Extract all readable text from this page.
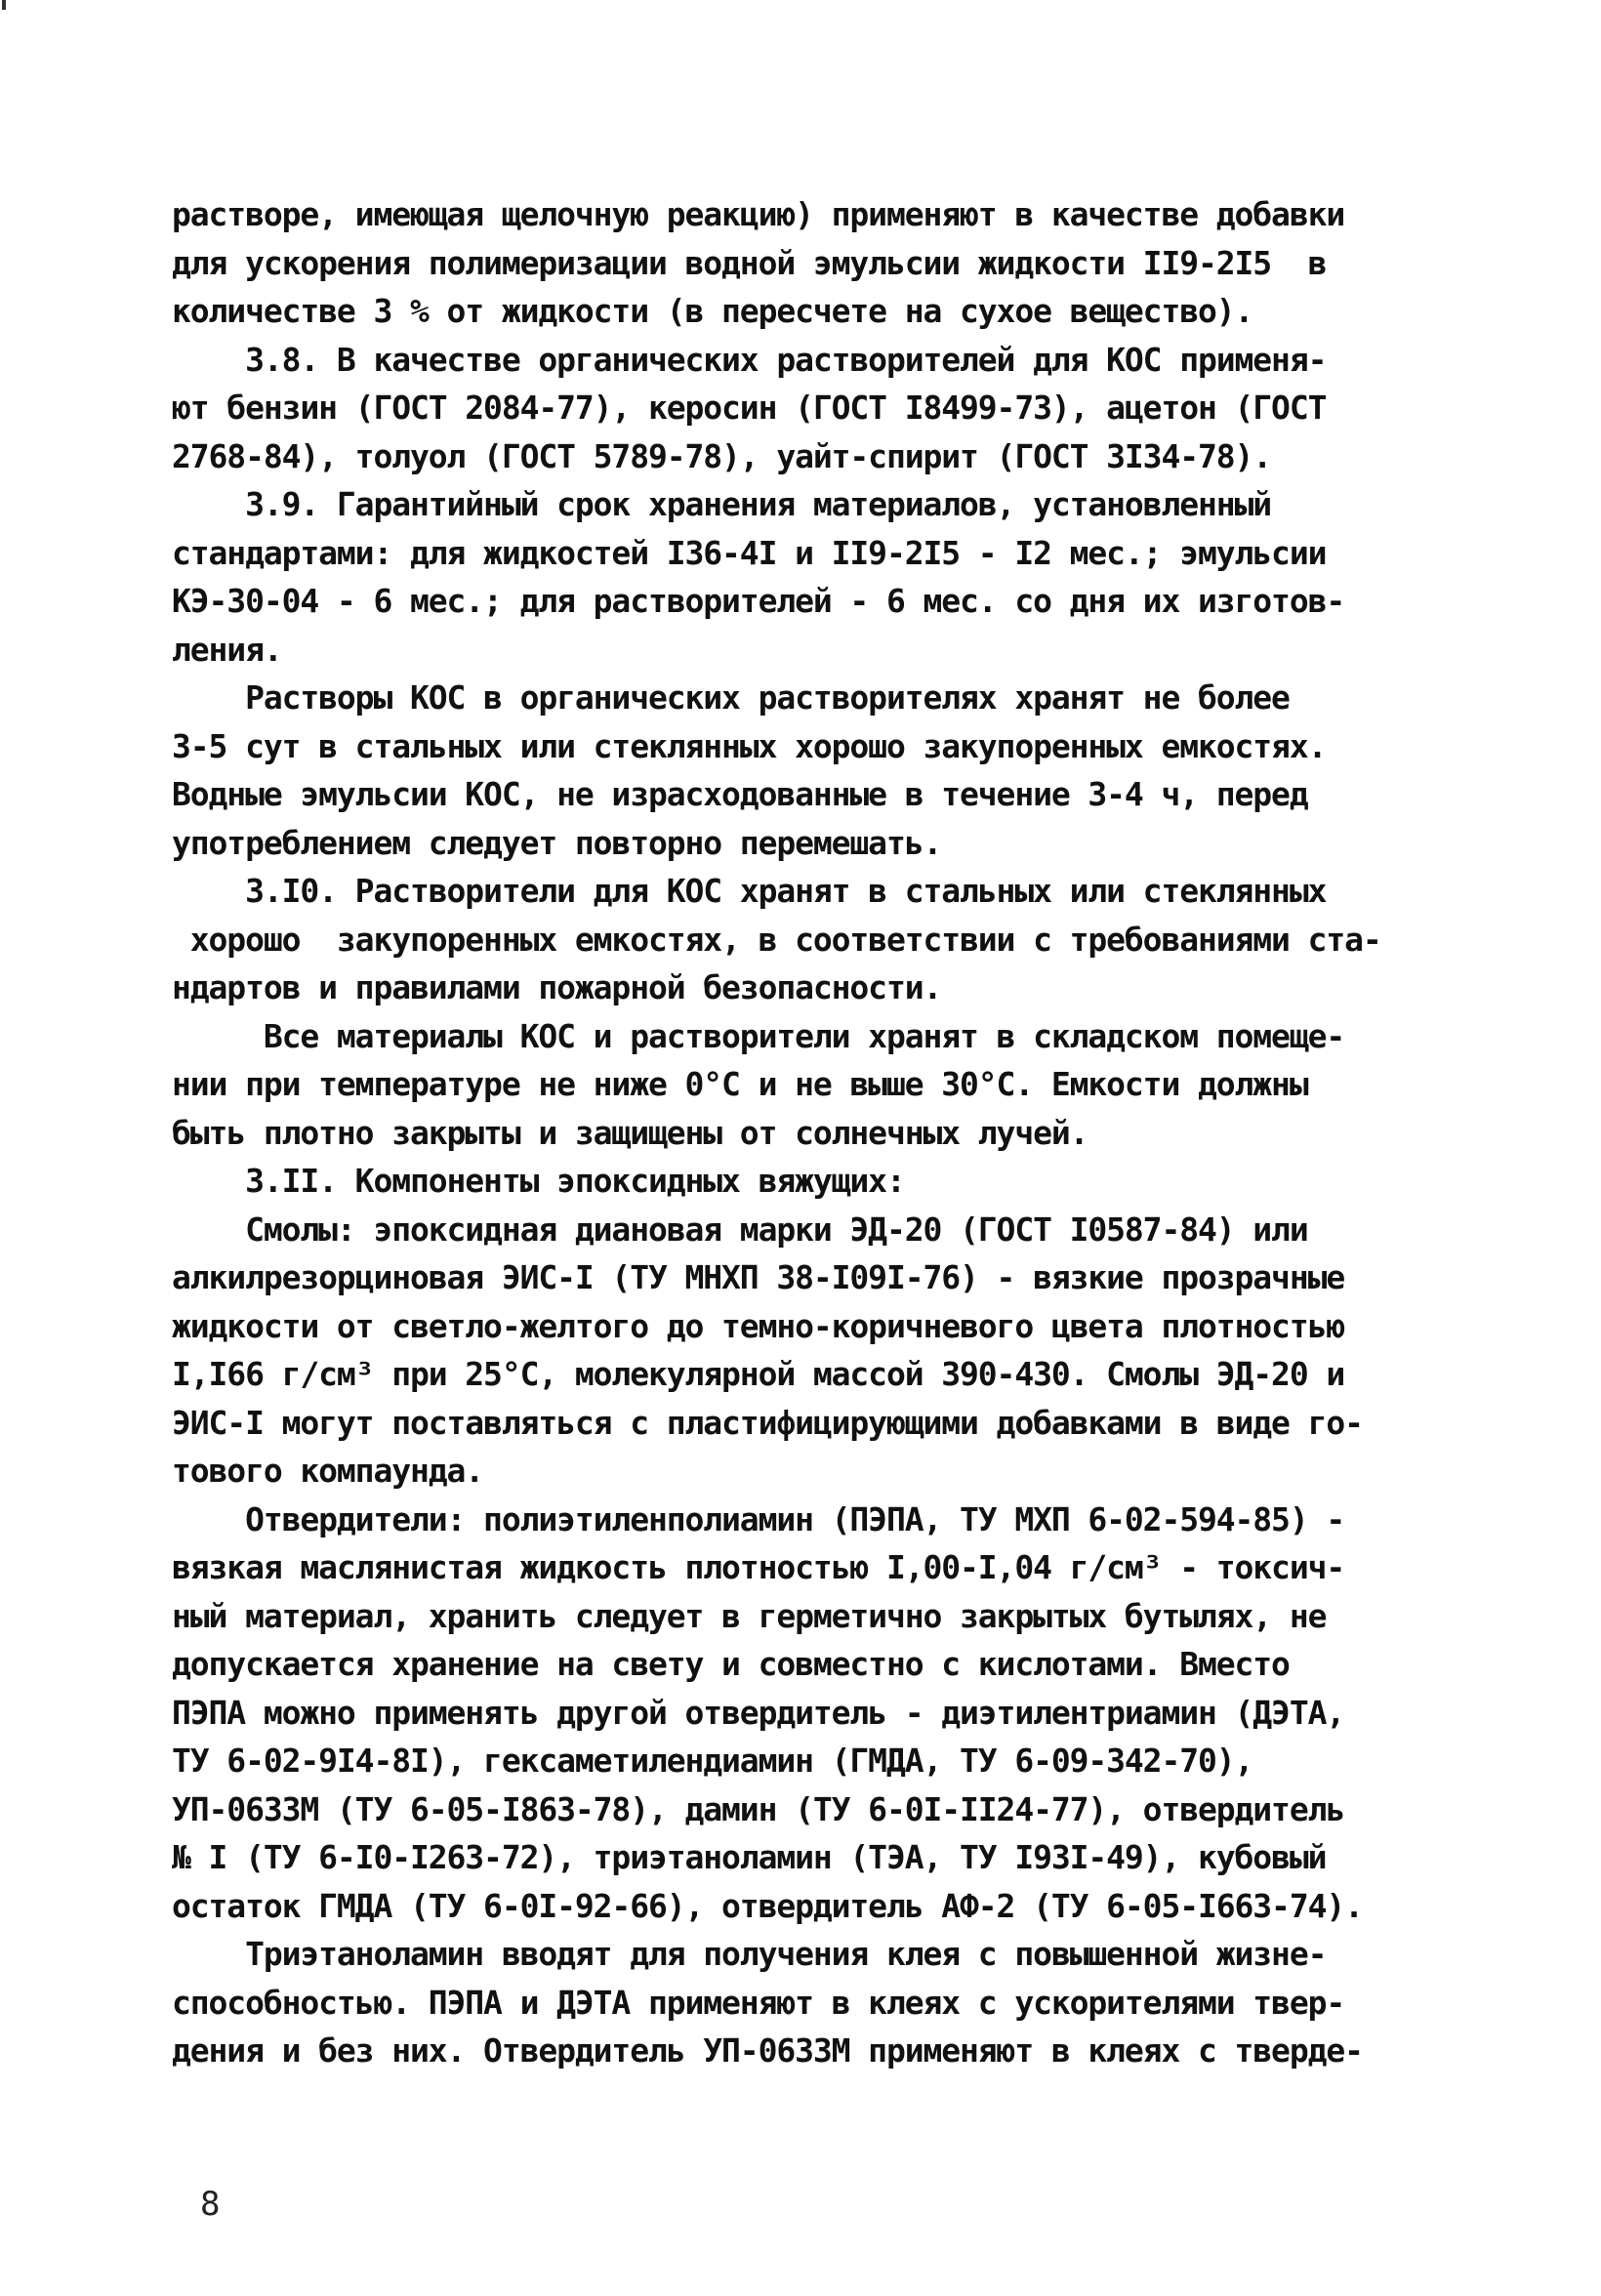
растворе, имеющая щелочную реакцию) применяют в качестве добавки
для ускорения полимеризации водной эмульсии жидкости II9-2I5  в
количестве 3 % от жидкости (в пересчете на сухое вещество).
3.8. В качестве органических растворителей для КОС применя-
ют бензин (ГОСТ 2084-77), керосин (ГОСТ I8499-73), ацетон (ГОСТ
2768-84), толуол (ГОСТ 5789-78), уайт-спирит (ГОСТ 3I34-78).
3.9. Гарантийный срок хранения материалов, установленный
стандартами: для жидкостей I36-4I и II9-2I5 - I2 мес.; эмульсии
КЭ-30-04 - 6 мес.; для растворителей - 6 мес. со дня их изготов-
ления.
Растворы КОС в органических растворителях хранят не более
3-5 сут в стальных или стеклянных хорошо закупоренных емкостях.
Водные эмульсии КОС, не израсходованные в течение 3-4 ч, перед
употреблением следует повторно перемешать.
3.I0. Растворители для КОС хранят в стальных или стеклянных
хорошо  закупоренных емкостях, в соответствии с требованиями ста-
ндартов и правилами пожарной безопасности.
Все материалы КОС и растворители хранят в складском помеще-
нии при температуре не ниже 0°С и не выше 30°С. Емкости должны
быть плотно закрыты и защищены от солнечных лучей.
3.II. Компоненты эпоксидных вяжущих:
Смолы: эпоксидная диановая марки ЭД-20 (ГОСТ I0587-84) или
алкилрезорциновая ЭИС-I (ТУ МНХП 38-I09I-76) - вязкие прозрачные
жидкости от светло-желтого до темно-коричневого цвета плотностью
I,I66 г/см³ при 25°С, молекулярной массой 390-430. Смолы ЭД-20 и
ЭИС-I могут поставляться с пластифицирующими добавками в виде го-
тового компаунда.
Отвердители: полиэтиленполиамин (ПЭПА, ТУ МХП 6-02-594-85) -
вязкая маслянистая жидкость плотностью I,00-I,04 г/см³ - токсич-
ный материал, хранить следует в герметично закрытых бутылях, не
допускается хранение на свету и совместно с кислотами. Вместо
ПЭПА можно применять другой отвердитель - диэтилентриамин (ДЭТА,
ТУ 6-02-9I4-8I), гексаметилендиамин (ГМДА, ТУ 6-09-342-70),
УП-0633М (ТУ 6-05-I863-78), дамин (ТУ 6-0I-II24-77), отвердитель
№ I (ТУ 6-I0-I263-72), триэтаноламин (ТЭА, ТУ I93I-49), кубовый
остаток ГМДА (ТУ 6-0I-92-66), отвердитель АФ-2 (ТУ 6-05-I663-74).
Триэтаноламин вводят для получения клея с повышенной жизне-
способностью. ПЭПА и ДЭТА применяют в клеях с ускорителями твер-
дения и без них. Отвердитель УП-0633М применяют в клеях с тверде-
8
